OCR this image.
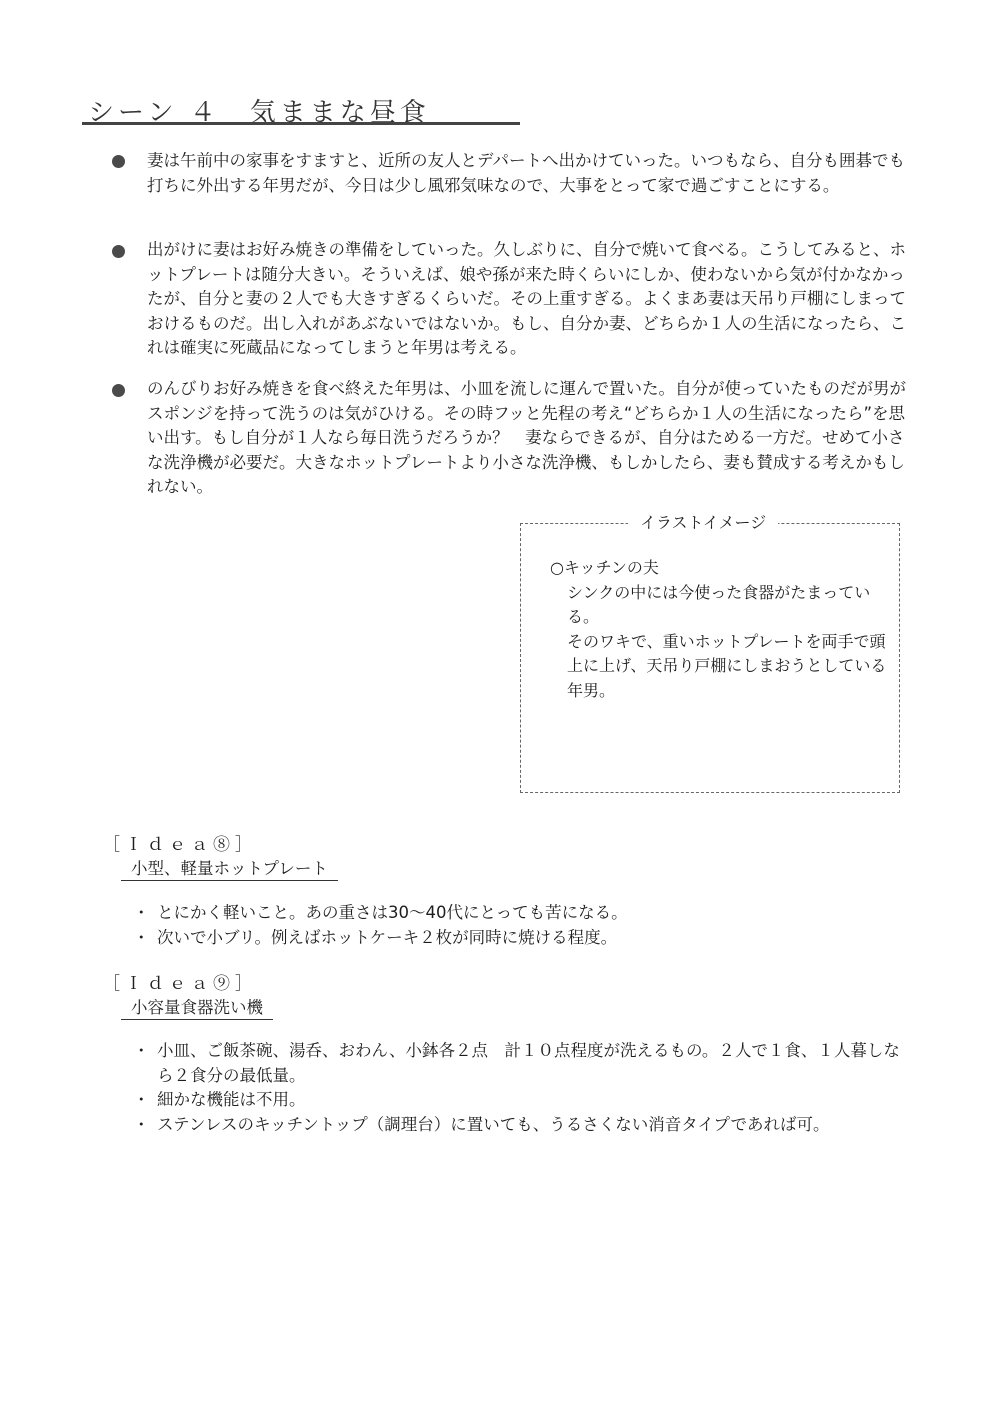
シーン ４　気ままな昼食

妻は午前中の家事をすますと、近所の友人とデパートへ出かけていった。いつもなら、自分も囲碁でも打ちに外出する年男だが、今日は少し風邪気味なので、大事をとって家で過ごすことにする。

出がけに妻はお好み焼きの準備をしていった。久しぶりに、自分で焼いて食べる。こうしてみると、ホットプレートは随分大きい。そういえば、娘や孫が来た時くらいにしか、使わないから気が付かなかったが、自分と妻の２人でも大きすぎるくらいだ。その上重すぎる。よくまあ妻は天吊り戸棚にしまっておけるものだ。出し入れがあぶないではないか。もし、自分か妻、どちらか１人の生活になったら、これは確実に死蔵品になってしまうと年男は考える。

のんびりお好み焼きを食べ終えた年男は、小皿を流しに運んで置いた。自分が使っていたものだが男がスポンジを持って洗うのは気がひける。その時フッと先程の考え“どちらか１人の生活になったら”を思い出す。もし自分が１人なら毎日洗うだろうか？　妻ならできるが、自分はためる一方だ。せめて小さな洗浄機が必要だ。大きなホットプレートより小さな洗浄機、もしかしたら、妻も賛成する考えかもしれない。

イラストイメージ

○キッチンの夫
シンクの中には今使った食器がたまっている。
そのワキで、重いホットプレートを両手で頭上に上げ、天吊り戸棚にしまおうとしている年男。

［Ｉｄｅａ⑧］
小型、軽量ホットプレート
・ とにかく軽いこと。あの重さは30～40代にとっても苦になる。
・ 次いで小ブリ。例えばホットケーキ２枚が同時に焼ける程度。
［Ｉｄｅａ⑨］
小容量食器洗い機
・ 小皿、ご飯茶碗、湯呑、おわん、小鉢各２点　計１０点程度が洗えるもの。２人で１食、１人暮しなら２食分の最低量。
・ 細かな機能は不用。
・ ステンレスのキッチントップ（調理台）に置いても、うるさくない消音タイプであれば可。
